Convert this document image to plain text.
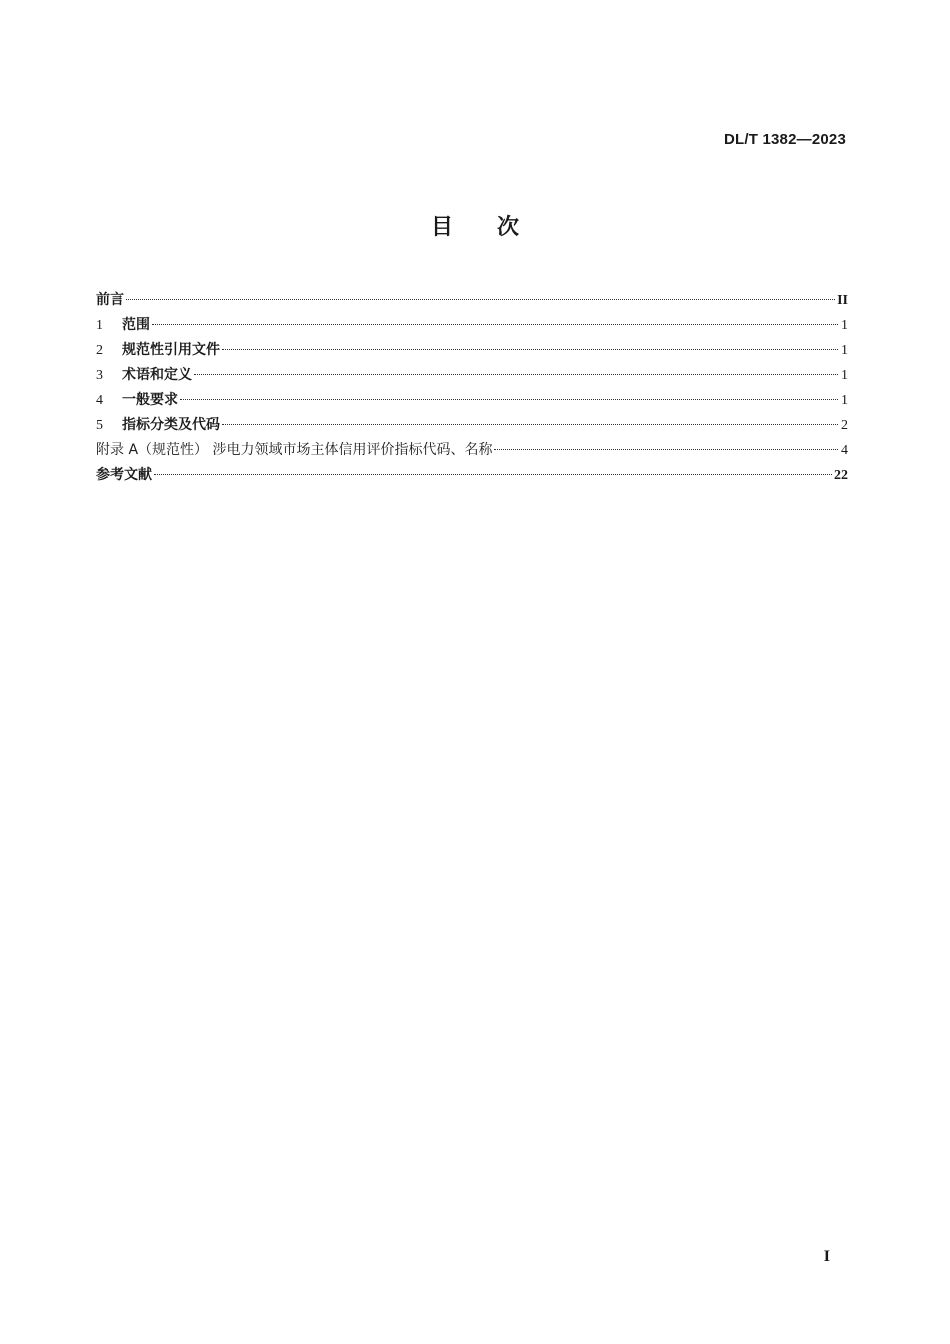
DL/T 1382—2023
目 次
前言	II
1	范围	1
2	规范性引用文件	1
3	术语和定义	1
4	一般要求	1
5	指标分类及代码	2
附录 A（规范性） 涉电力领域市场主体信用评价指标代码、名称	4
参考文献	22
I
